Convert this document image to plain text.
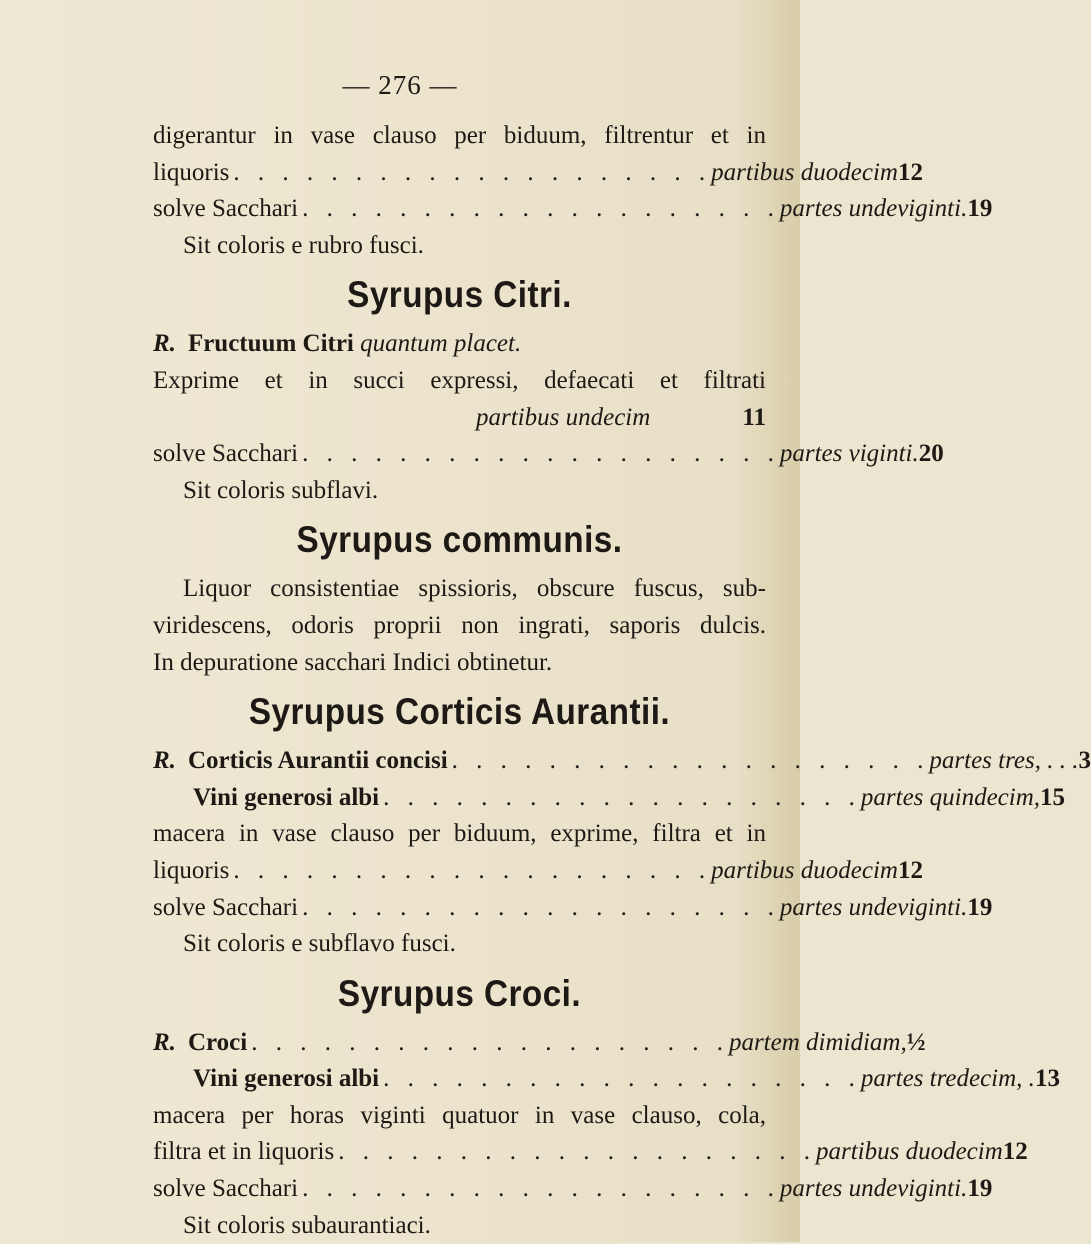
— 276 —
digerantur in vase clauso per biduum, filtrentur et in
liquoris . . . . . . . . . . . . . . . . . . . . partibus duodecim 12
solve Sacchari . . . . . . . . . . . . . . . . . . . . partes undeviginti. 19
Sit coloris e rubro fusci.
Syrupus Citri.
R. Fructuum Citri quantum placet.
Exprime et in succi expressi, defaecati et filtrati
partibus undecim	11
solve Sacchari . . . . . . . . . . . . . . . . . . . . partes viginti. 20
Sit coloris subflavi.
Syrupus communis.
Liquor consistentiae spissioris, obscure fuscus, sub-
viridescens, odoris proprii non ingrati, saporis dulcis.
In depuratione sacchari Indici obtinetur.
Syrupus Corticis Aurantii.
R. Corticis Aurantii concisi . . . . . . . . . . . . . . . . . . . . partes tres, . . . 3
Vini generosi albi . . . . . . . . . . . . . . . . . . . . partes quindecim, 15
macera in vase clauso per biduum, exprime, filtra et in
liquoris . . . . . . . . . . . . . . . . . . . . partibus duodecim 12
solve Sacchari . . . . . . . . . . . . . . . . . . . . partes undeviginti. 19
Sit coloris e subflavo fusci.
Syrupus Croci.
R. Croci . . . . . . . . . . . . . . . . . . . . partem dimidiam, ½
Vini generosi albi . . . . . . . . . . . . . . . . . . . . partes tredecim, . 13
macera per horas viginti quatuor in vase clauso, cola,
filtra et in liquoris . . . . . . . . . . . . . . . . . . . . partibus duodecim 12
solve Sacchari . . . . . . . . . . . . . . . . . . . . partes undeviginti. 19
Sit coloris subaurantiaci.
